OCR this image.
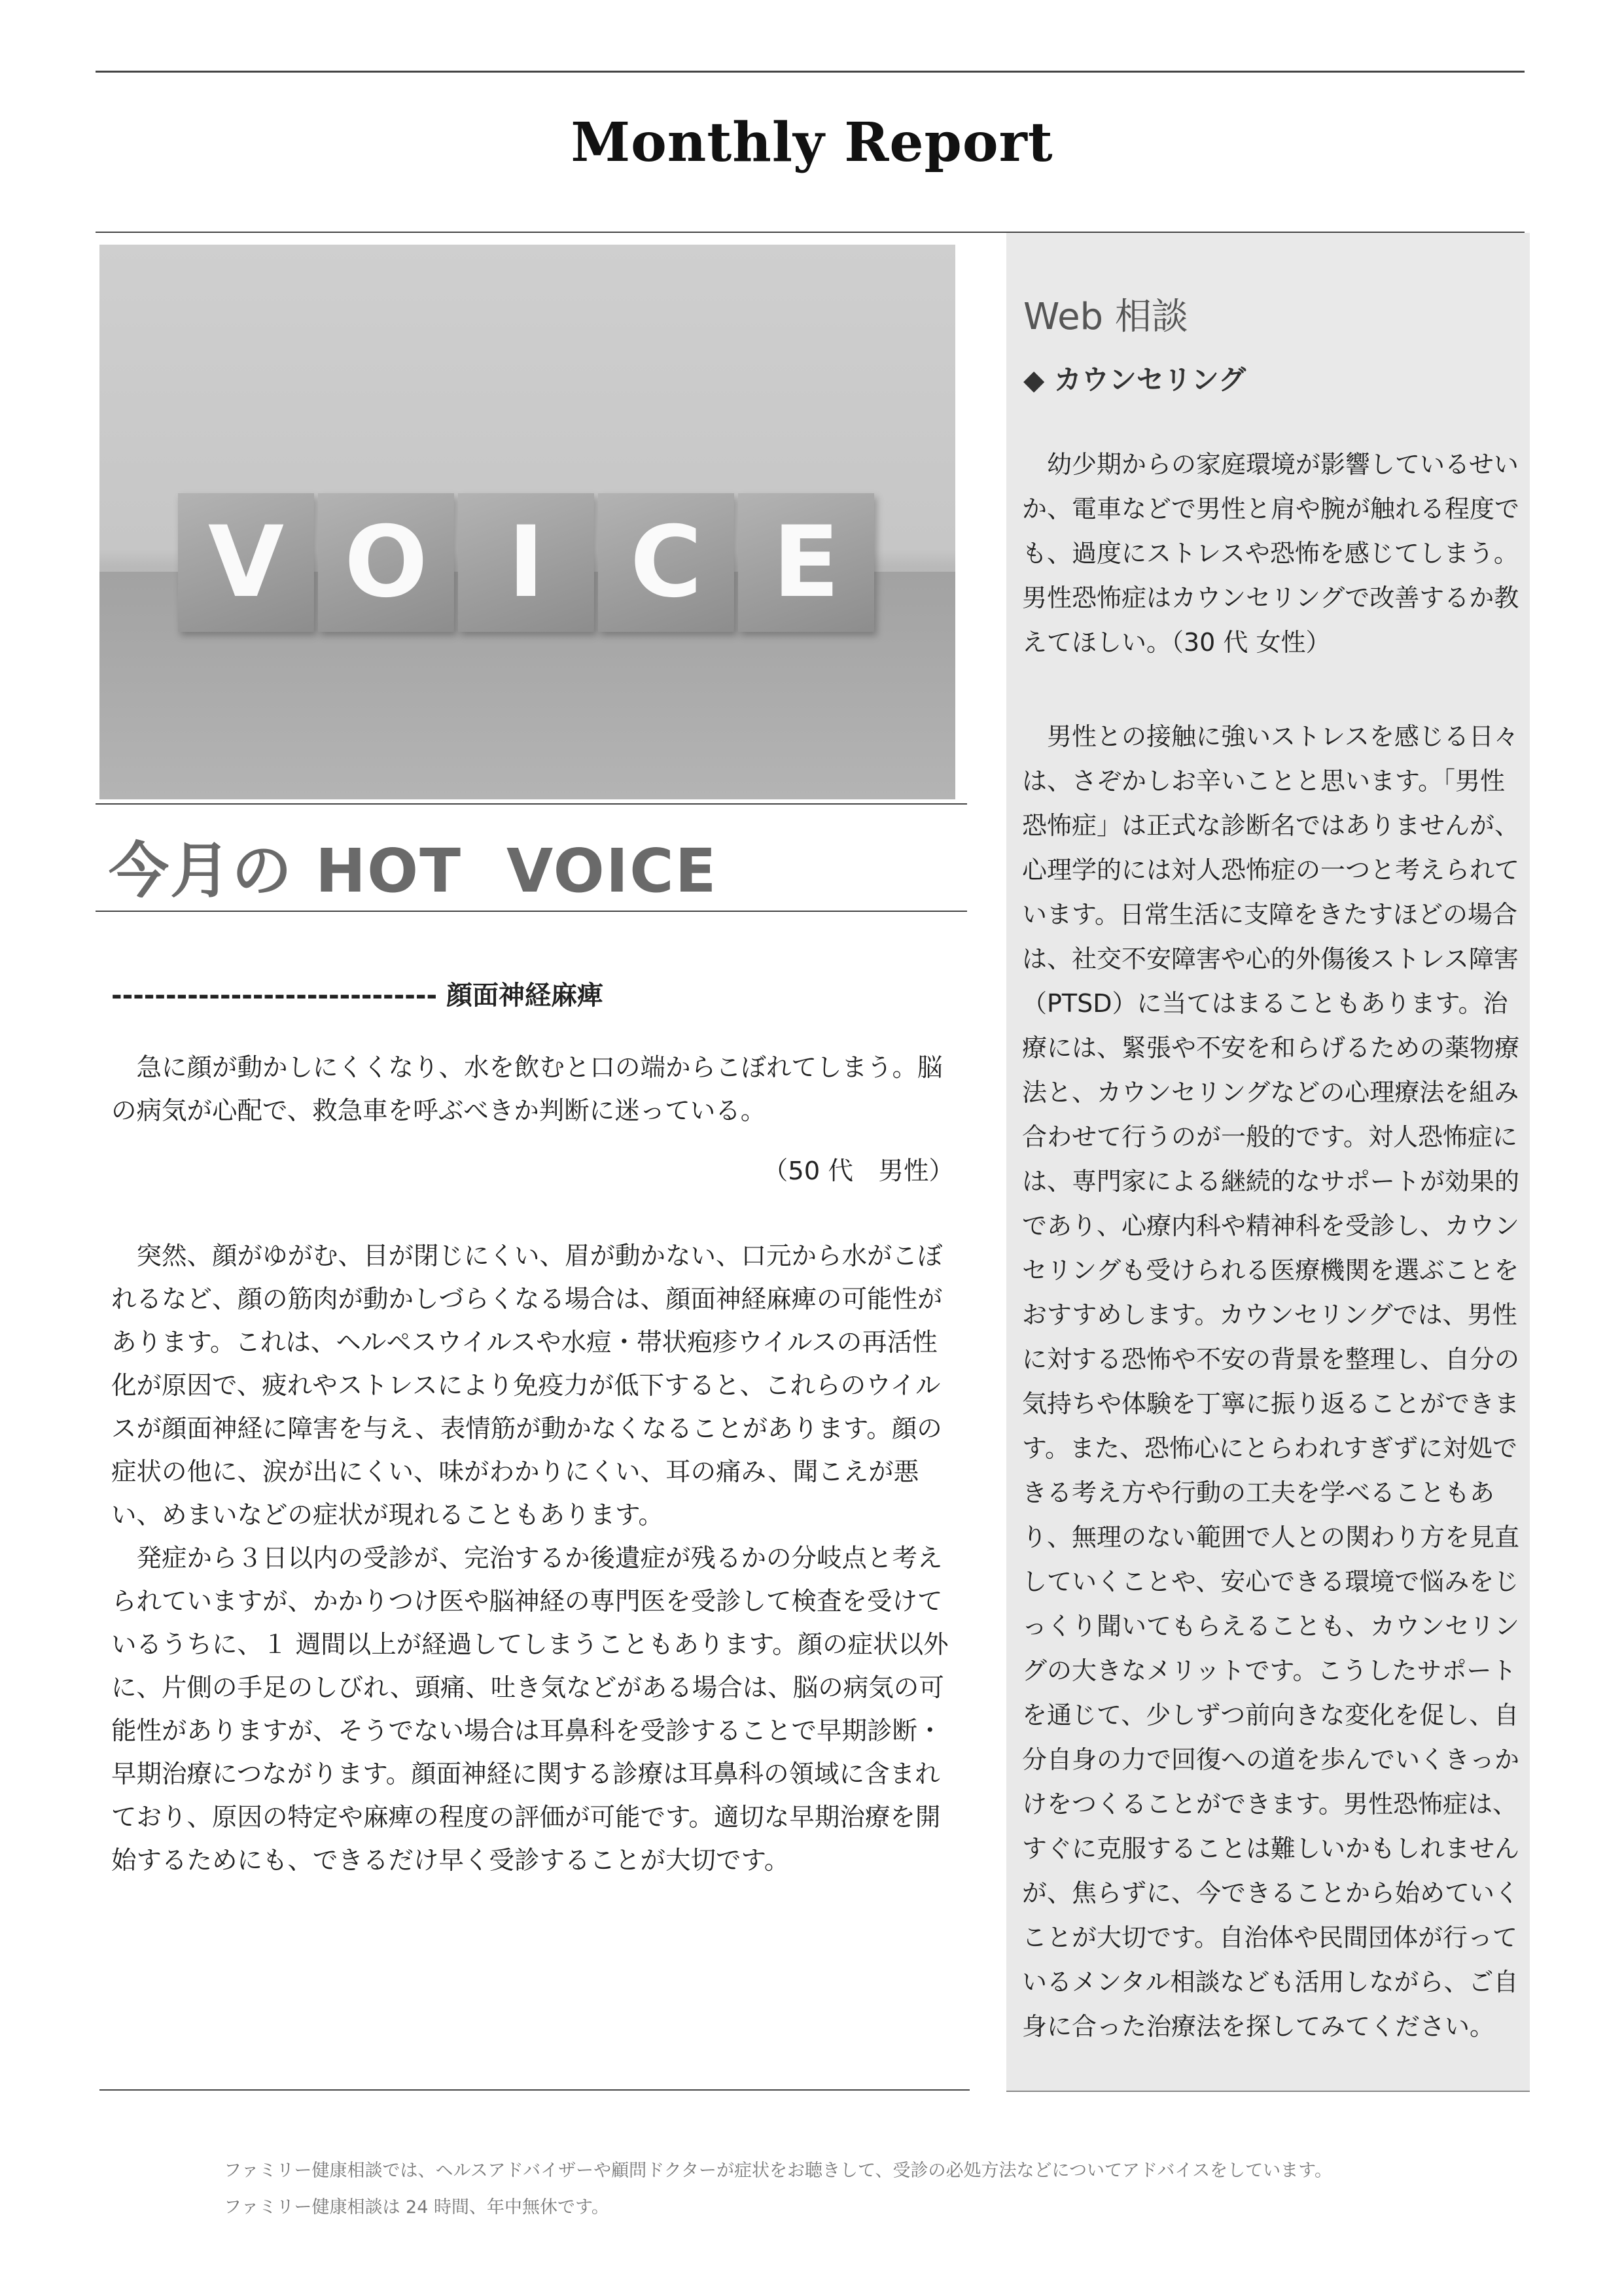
Monthly Report
V O I C E
今月の HOT  VOICE
------------------------------ 顔面神経麻痺

急に顔が動かしにくくなり、水を飲むと口の端からこぼれてしまう。脳の病気が心配で、救急車を呼ぶべきか判断に迷っている。

（50 代　男性）

突然、顔がゆがむ、目が閉じにくい、眉が動かない、口元から水がこぼれるなど、顔の筋肉が動かしづらくなる場合は、顔面神経麻痺の可能性があります。これは、ヘルペスウイルスや水痘・帯状疱疹ウイルスの再活性化が原因で、疲れやストレスにより免疫力が低下すると、これらのウイルスが顔面神経に障害を与え、表情筋が動かなくなることがあります。顔の症状の他に、涙が出にくい、味がわかりにくい、耳の痛み、聞こえが悪い、めまいなどの症状が現れることもあります。

発症から３日以内の受診が、完治するか後遺症が残るかの分岐点と考えられていますが、かかりつけ医や脳神経の専門医を受診して検査を受けているうちに、１ 週間以上が経過してしまうこともあります。顔の症状以外に、片側の手足のしびれ、頭痛、吐き気などがある場合は、脳の病気の可能性がありますが、そうでない場合は耳鼻科を受診することで早期診断・早期治療につながります。顔面神経に関する診療は耳鼻科の領域に含まれており、原因の特定や麻痺の程度の評価が可能です。適切な早期治療を開始するためにも、できるだけ早く受診することが大切です。

Web 相談
◆ カウンセリング

幼少期からの家庭環境が影響しているせいか、電車などで男性と肩や腕が触れる程度でも、過度にストレスや恐怖を感じてしまう。男性恐怖症はカウンセリングで改善するか教えてほしい。（30 代 女性）

男性との接触に強いストレスを感じる日々は、さぞかしお辛いことと思います。「男性恐怖症」は正式な診断名ではありませんが、心理学的には対人恐怖症の一つと考えられています。日常生活に支障をきたすほどの場合は、社交不安障害や心的外傷後ストレス障害（PTSD）に当てはまることもあります。治療には、緊張や不安を和らげるための薬物療法と、カウンセリングなどの心理療法を組み合わせて行うのが一般的です。対人恐怖症には、専門家による継続的なサポートが効果的であり、心療内科や精神科を受診し、カウンセリングも受けられる医療機関を選ぶことをおすすめします。カウンセリングでは、男性に対する恐怖や不安の背景を整理し、自分の気持ちや体験を丁寧に振り返ることができます。また、恐怖心にとらわれすぎずに対処できる考え方や行動の工夫を学べることもあり、無理のない範囲で人との関わり方を見直していくことや、安心できる環境で悩みをじっくり聞いてもらえることも、カウンセリングの大きなメリットです。こうしたサポートを通じて、少しずつ前向きな変化を促し、自分自身の力で回復への道を歩んでいくきっかけをつくることができます。男性恐怖症は、すぐに克服することは難しいかもしれませんが、焦らずに、今できることから始めていくことが大切です。自治体や民間団体が行っているメンタル相談なども活用しながら、ご自身に合った治療法を探してみてください。

ファミリー健康相談では、ヘルスアドバイザーや顧問ドクターが症状をお聴きして、受診の必処方法などについてアドバイスをしています。
ファミリー健康相談は 24 時間、年中無休です。
